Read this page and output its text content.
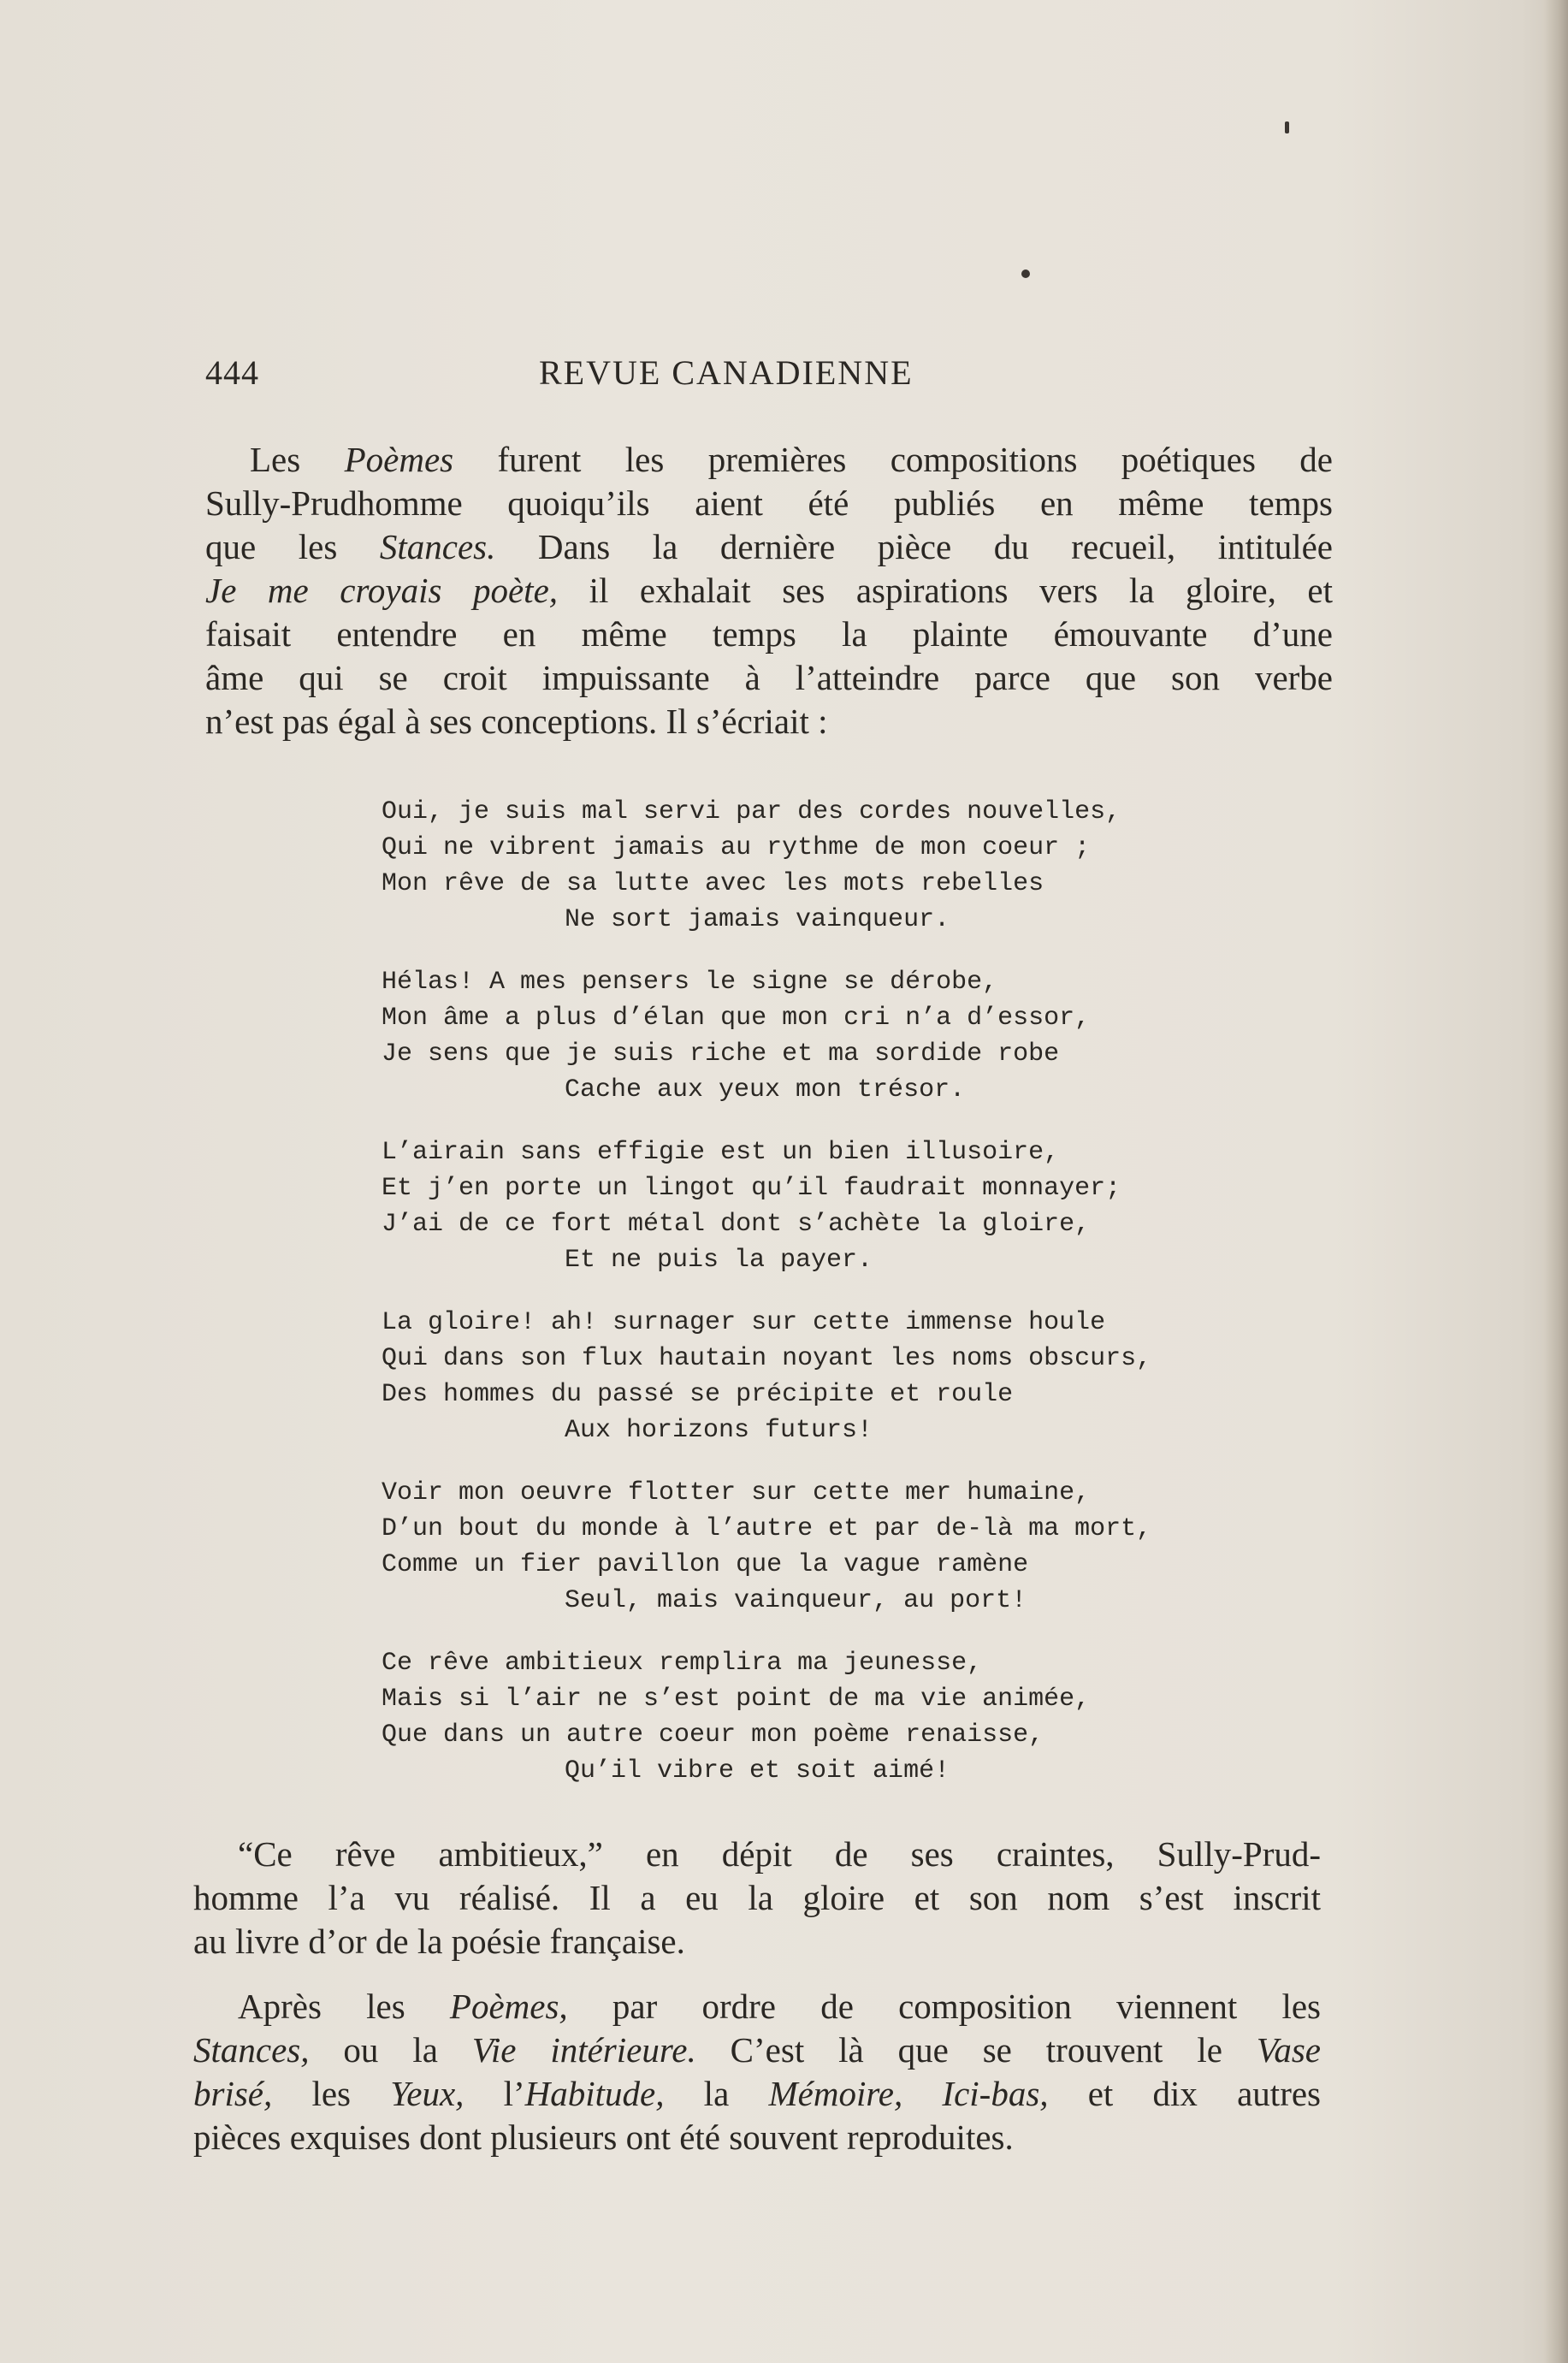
444	REVUE CANADIENNE
Les Poèmes furent les premières compositions poétiques de
Sully-Prudhomme quoiqu’ils aient été publiés en même temps
que les Stances. Dans la dernière pièce du recueil, intitulée
Je me croyais poète, il exhalait ses aspirations vers la gloire, et
faisait entendre en même temps la plainte émouvante d’une
âme qui se croit impuissante à l’atteindre parce que son verbe
n’est pas égal à ses conceptions. Il s’écriait :
Oui, je suis mal servi par des cordes nouvelles,
Qui ne vibrent jamais au rythme de mon coeur ;
Mon rêve de sa lutte avec les mots rebelles
Ne sort jamais vainqueur.
Hélas! A mes pensers le signe se dérobe,
Mon âme a plus d’élan que mon cri n’a d’essor,
Je sens que je suis riche et ma sordide robe
Cache aux yeux mon trésor.
L’airain sans effigie est un bien illusoire,
Et j’en porte un lingot qu’il faudrait monnayer;
J’ai de ce fort métal dont s’achète la gloire,
Et ne puis la payer.
La gloire! ah! surnager sur cette immense houle
Qui dans son flux hautain noyant les noms obscurs,
Des hommes du passé se précipite et roule
Aux horizons futurs!
Voir mon oeuvre flotter sur cette mer humaine,
D’un bout du monde à l’autre et par de-là ma mort,
Comme un fier pavillon que la vague ramène
Seul, mais vainqueur, au port!
Ce rêve ambitieux remplira ma jeunesse,
Mais si l’air ne s’est point de ma vie animée,
Que dans un autre coeur mon poème renaisse,
Qu’il vibre et soit aimé!
“Ce rêve ambitieux,” en dépit de ses craintes, Sully-Prud-
homme l’a vu réalisé. Il a eu la gloire et son nom s’est inscrit
au livre d’or de la poésie française.
Après les Poèmes, par ordre de composition viennent les
Stances, ou la Vie intérieure. C’est là que se trouvent le Vase
brisé, les Yeux, l’Habitude, la Mémoire, Ici-bas, et dix autres
pièces exquises dont plusieurs ont été souvent reproduites.
